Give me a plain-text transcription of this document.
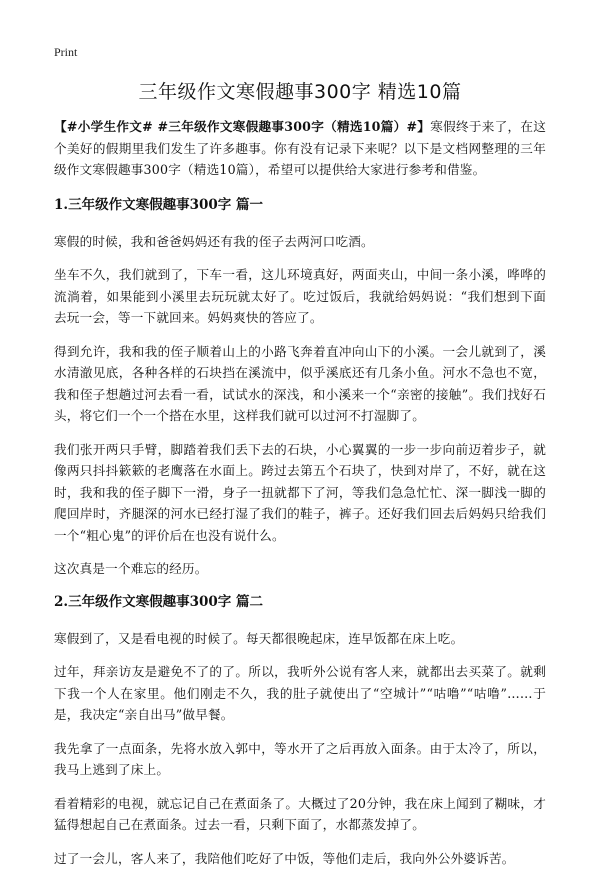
Print
三年级作文寒假趣事300字 精选10篇

【#小学生作文# #三年级作文寒假趣事300字（精选10篇）#】寒假终于来了，在这个美好的假期里我们发生了许多趣事。你有没有记录下来呢？以下是文档网整理的三年级作文寒假趣事300字（精选10篇），希望可以提供给大家进行参考和借鉴。

1.三年级作文寒假趣事300字 篇一

寒假的时候，我和爸爸妈妈还有我的侄子去两河口吃酒。

坐车不久，我们就到了，下车一看，这儿环境真好，两面夹山，中间一条小溪，哗哗的流淌着，如果能到小溪里去玩玩就太好了。吃过饭后，我就给妈妈说：“我们想到下面去玩一会，等一下就回来。妈妈爽快的答应了。

得到允许，我和我的侄子顺着山上的小路飞奔着直冲向山下的小溪。一会儿就到了，溪水清澈见底，各种各样的石块挡在溪流中，似乎溪底还有几条小鱼。河水不急也不宽，我和侄子想趟过河去看一看，试试水的深浅，和小溪来一个“亲密的接触”。我们找好石头，将它们一个一个搭在水里，这样我们就可以过河不打湿脚了。

我们张开两只手臂，脚踏着我们丢下去的石块，小心翼翼的一步一步向前迈着步子，就像两只抖抖簌簌的老鹰落在水面上。跨过去第五个石块了，快到对岸了，不好，就在这时，我和我的侄子脚下一滑，身子一扭就都下了河，等我们急急忙忙、深一脚浅一脚的爬回岸时，齐腿深的河水已经打湿了我们的鞋子，裤子。还好我们回去后妈妈只给我们一个“粗心鬼”的评价后在也没有说什么。

这次真是一个难忘的经历。

2.三年级作文寒假趣事300字 篇二

寒假到了，又是看电视的时候了。每天都很晚起床，连早饭都在床上吃。

过年，拜亲访友是避免不了的了。所以，我听外公说有客人来，就都出去买菜了。就剩下我一个人在家里。他们刚走不久，我的肚子就使出了“空城计”“咕噜”“咕噜”……于是，我决定“亲自出马”做早餐。

我先拿了一点面条，先将水放入郭中，等水开了之后再放入面条。由于太冷了，所以，我马上逃到了床上。

看着精彩的电视，就忘记自己在煮面条了。大概过了20分钟，我在床上闻到了糊味，才猛得想起自己在煮面条。过去一看，只剩下面了，水都蒸发掉了。

过了一会儿，客人来了，我陪他们吃好了中饭，等他们走后，我向外公外婆诉苦。
